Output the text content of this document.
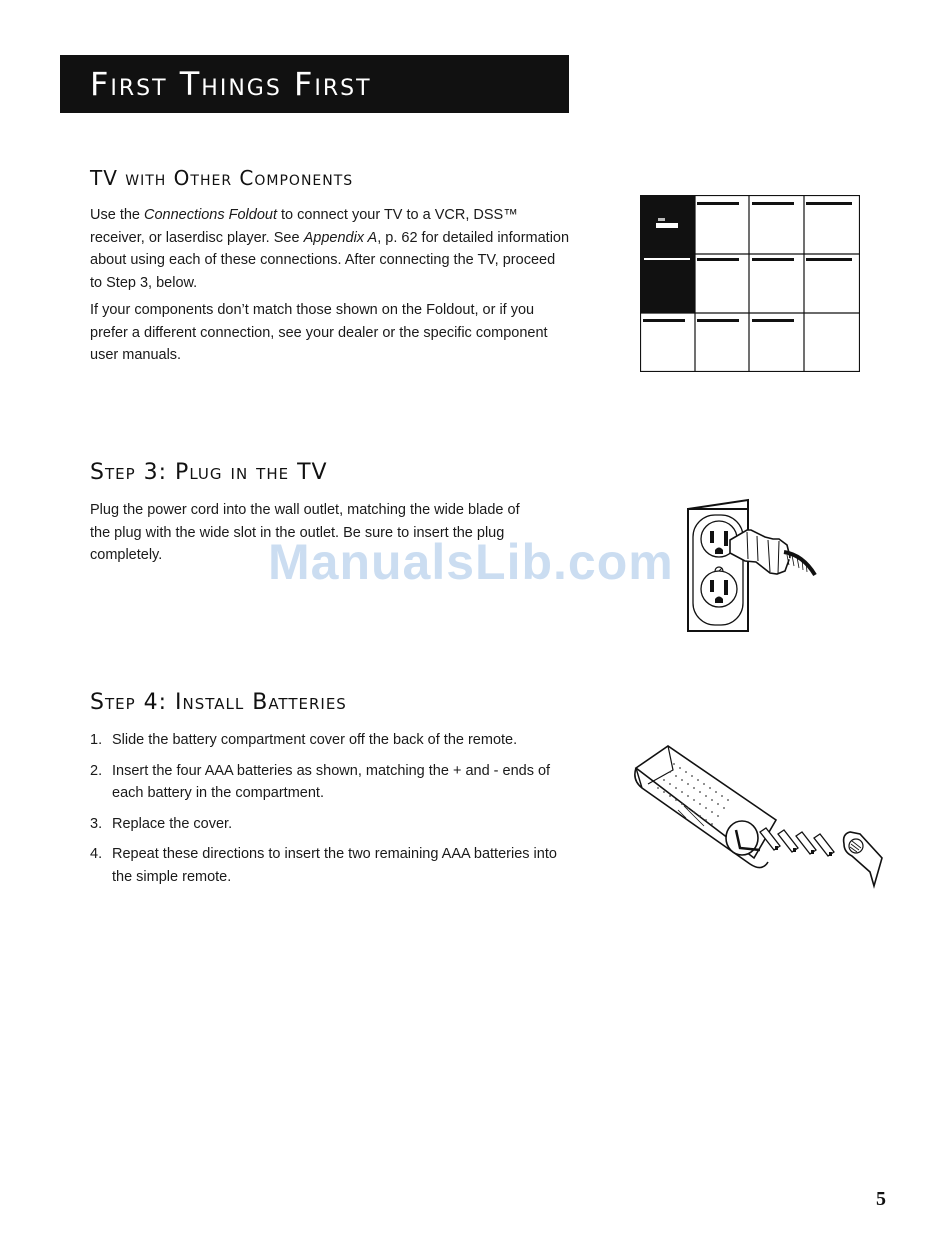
First Things First
TV with Other Components

Use the Connections Foldout to connect your TV to a VCR, DSS™ receiver, or laserdisc player. See Appendix A, p. 62 for detailed information about using each of these connections. After connecting the TV, proceed to Step 3, below.

If your components don’t match those shown on the Foldout, or if you prefer a different connection, see your dealer or the specific component user manuals.

Step 3: Plug in the TV

Plug the power cord into the wall outlet, matching the wide blade of the plug with the wide slot in the outlet. Be sure to insert the plug completely.	ManualsLib.com
Step 4: Install Batteries
1. Slide the battery compartment cover off the back of the remote.
2. Insert the four AAA batteries as shown, matching the + and - ends of each battery in the compartment.
3. Replace the cover.
4. Repeat these directions to insert the two remaining AAA batteries into the simple remote.
5
